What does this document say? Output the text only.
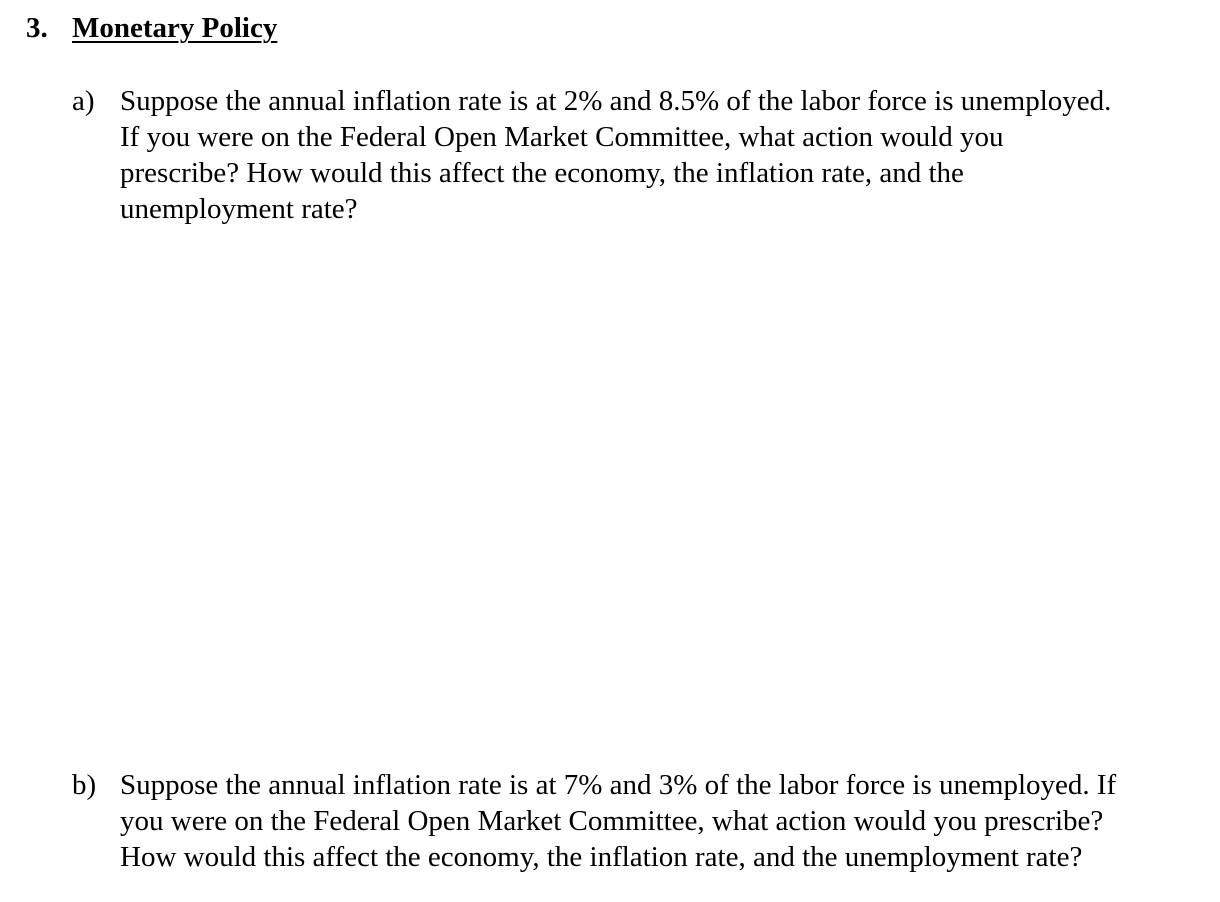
3. Monetary Policy
a) Suppose the annual inflation rate is at 2% and 8.5% of the labor force is unemployed.
If you were on the Federal Open Market Committee, what action would you
prescribe? How would this affect the economy, the inflation rate, and the
unemployment rate?
b) Suppose the annual inflation rate is at 7% and 3% of the labor force is unemployed. If
you were on the Federal Open Market Committee, what action would you prescribe?
How would this affect the economy, the inflation rate, and the unemployment rate?
